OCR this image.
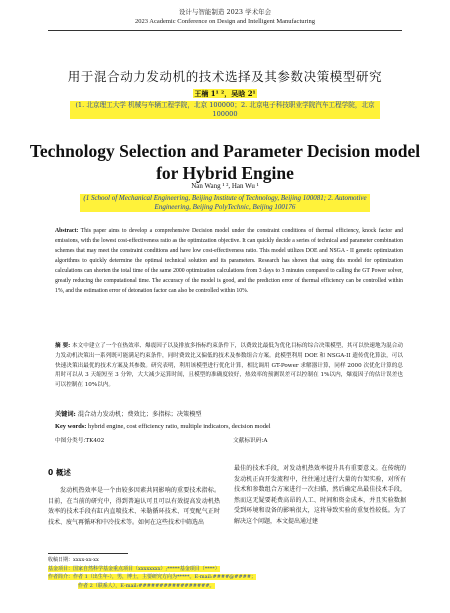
设计与智能制造 2023 学术年会
2023 Academic Conference on Design and Intelligent Manufacturing
用于混合动力发动机的技术选择及其参数决策模型研究
王楠 1¹ ²，吴晗 2¹
(1. 北京理工大学 机械与车辆工程学院，北京 100000；2. 北京电子科技职业学院汽车工程学院，北京 100000
Technology Selection and Parameter Decision model
for Hybrid Engine
Nan Wang ¹ ², Han Wu ¹
(1 School of Mechanical Engineering, Beijing Institute of Technology, Beijing 100081; 2. Automotive Engineering, Beijing PolyTechnic, Beijing 100176
Abstract: This paper aims to develop a comprehensive Decision model under the constraint conditions of thermal efficiency, knock factor and emissions, with the lowest cost-effectiveness ratio as the optimization objective. It can quickly decide a series of technical and parameter combination schemes that may meet the constraint conditions and have low cost-effectiveness ratio. This model utilizes DOE and NSGA - II genetic optimization algorithms to quickly determine the optimal technical solution and its parameters. Research has shown that using this model for optimization calculations can shorten the total time of the same 2000 optimization calculations from 3 days to 3 minutes compared to calling the GT Power solver, greatly reducing the computational time. The accuracy of the model is good, and the prediction error of thermal efficiency can be controlled within 1%, and the estimation error of detonation factor can also be controlled within 10%.
摘 要: 本文中建立了一个在热效率、爆震因子以及排放多指标约束条件下，以费效比最低为优化目标的综合决策模型，其可以快速地为混合动力发动机决策出一系列既可能满足约束条件，同时费效比又偏低的技术及参数组合方案。此模型利用 DOE 和 NSGA-II 遗传优化算法，可以快速决策出最优的技术方案及其参数。研究表明，利用该模型进行优化计算，相比调用 GT-Power 求解器计算，同样 2000 次优化计算的总用时可以从 3 天缩短至 3 分钟，大大减少运算时间，且模型的准确度较好，热效率的预测误差可以控制在 1%以内，爆震因子的估计误差也可以控制在 10%以内。
关键词: 混合动力发动机；费效比；多指标；决策模型
Key words: hybrid engine, cost efficiency ratio, multiple indicators, decision model
中图分类号:TK402	文献标识码:A
0 概述
发动机热效率是一个由较多因素共同影响的重要技术指标。目前，在当前的研究中，得到普遍认可且可以有效提高发动机热效率的技术手段有缸内直喷技术、米勒循环技术、可变配气正时技术、废气再循环和中冷技术等。如何在这些技术中筛选出
最佳的技术手段，对发动机热效率提升具有重要意义。在传统的发动机正向开发流程中，往往通过进行大量的台架实验，对所有技术和参数组合方案进行一次扫描，然后确定出最佳技术手段，然而这无疑要耗费高昂的人工、时间和资金成本，并且实验数据受到环境和设备的影响很大，这将导致实验的重复性较低。为了解决这个问题，本文提出通过建
收稿日期：xxxx-xx-xx
基金项目：国家自然科学基金重点项目（xxxxxxxx）;*****基金项目（****）
作者简介：作者 1（出生年-），男，博士，主要研究方向为*****。E-mail:####@####；
作者 2（联系人），E-mail:#################。
